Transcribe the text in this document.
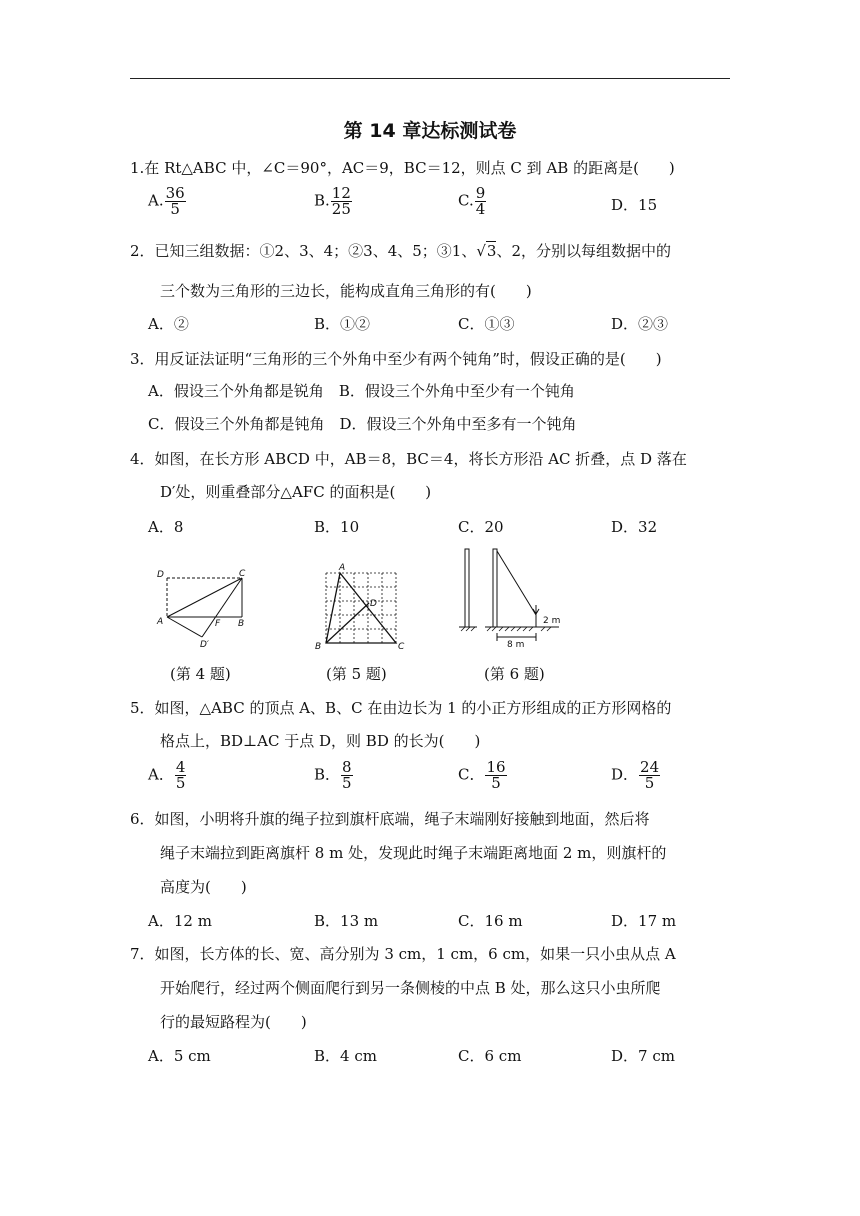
第 14 章达标测试卷
1.在 Rt△ABC 中，∠C＝90°，AC＝9，BC＝12，则点 C 到 AB 的距离是(　　)
A. $\frac{36}{5}$	B. $\frac{12}{25}$	C. $\frac{9}{4}$	D．15
2．已知三组数据：①2、3、4；②3、4、5；③1、√3、2，分别以每组数据中的
三个数为三角形的三边长，能构成直角三角形的有(　　)
A．②	B．①②	C．①③	D．②③
3．用反证法证明“三角形的三个外角中至少有两个钝角”时，假设正确的是(　　)
A．假设三个外角都是锐角　B．假设三个外角中至少有一个钝角
C．假设三个外角都是钝角　D．假设三个外角中至多有一个钝角
4．如图，在长方形 ABCD 中，AB＝8，BC＝4，将长方形沿 AC 折叠，点 D 落在
D′处，则重叠部分△AFC 的面积是(　　)
A．8	B．10	C．20	D．32
D	C
A	B
F
D′
(第 4 题)
A
B	C
D
(第 5 题)
8 m
2 m
(第 6 题)
5．如图，△ABC 的顶点 A、B、C 在由边长为 1 的小正方形组成的正方形网格的
格点上，BD⊥AC 于点 D，则 BD 的长为(　　)
A． $\frac{4}{5}$	B． $\frac{8}{5}$	C． $\frac{16}{5}$	D． $\frac{24}{5}$
6．如图，小明将升旗的绳子拉到旗杆底端，绳子末端刚好接触到地面，然后将
绳子末端拉到距离旗杆 8 m 处，发现此时绳子末端距离地面 2 m，则旗杆的
高度为(　　)
A．12 m	B．13 m	C．16 m	D．17 m
7．如图，长方体的长、宽、高分别为 3 cm，1 cm，6 cm，如果一只小虫从点 A
开始爬行，经过两个侧面爬行到另一条侧棱的中点 B 处，那么这只小虫所爬
行的最短路程为(　　)
A．5 cm	B．4 cm	C．6 cm	D．7 cm
